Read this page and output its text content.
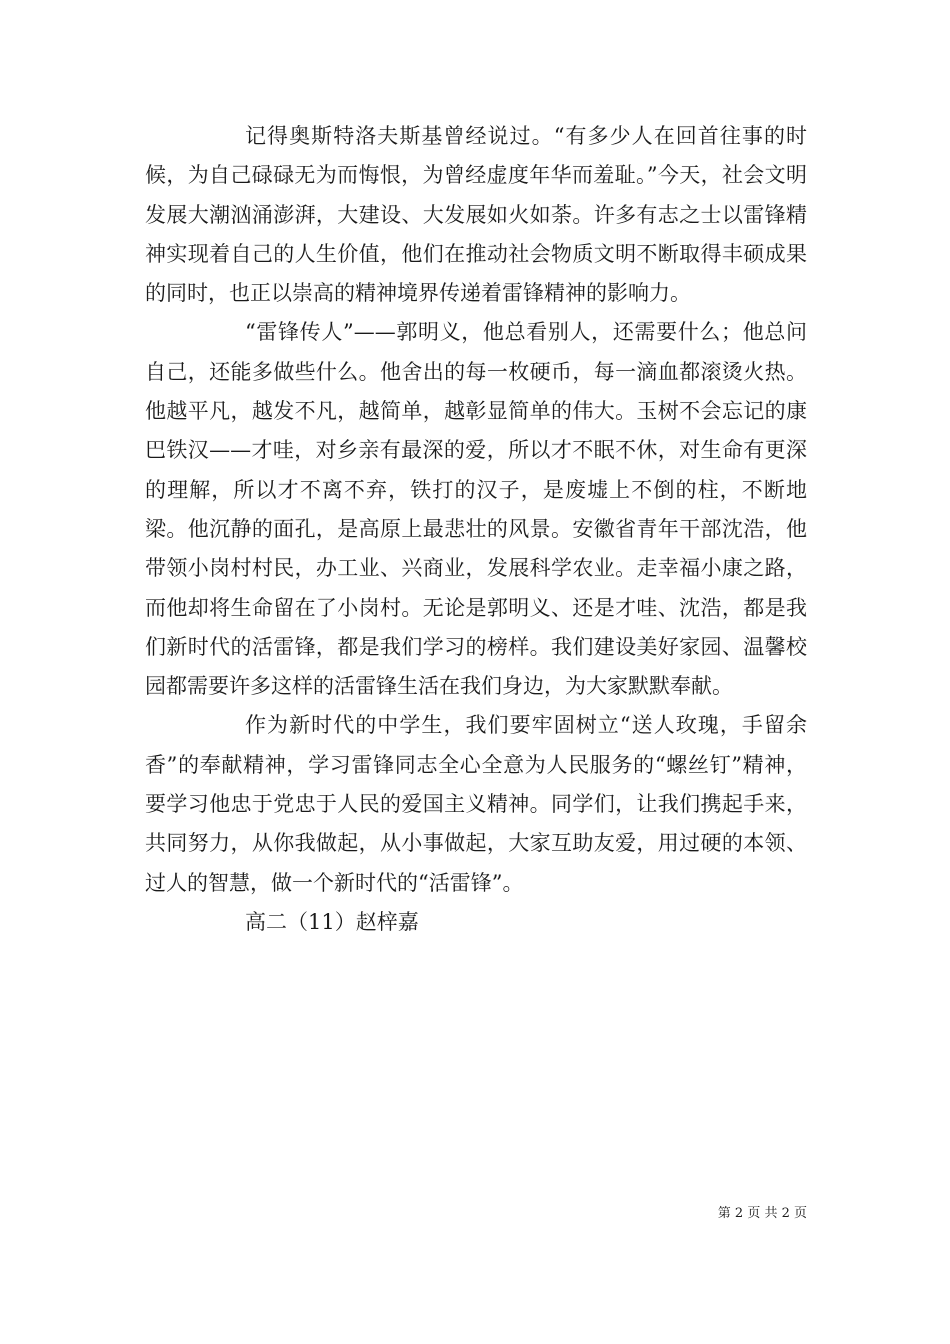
记得奥斯特洛夫斯基曾经说过。“有多少人在回首往事的时候，为自己碌碌无为而悔恨，为曾经虚度年华而羞耻。”今天，社会文明发展大潮汹涌澎湃，大建设、大发展如火如荼。许多有志之士以雷锋精神实现着自己的人生价值，他们在推动社会物质文明不断取得丰硕成果的同时，也正以崇高的精神境界传递着雷锋精神的影响力。

“雷锋传人”——郭明义，他总看别人，还需要什么；他总问自己，还能多做些什么。他舍出的每一枚硬币，每一滴血都滚烫火热。他越平凡，越发不凡，越简单，越彰显简单的伟大。玉树不会忘记的康巴铁汉——才哇，对乡亲有最深的爱，所以才不眠不休，对生命有更深的理解，所以才不离不弃，铁打的汉子，是废墟上不倒的柱，不断地梁。他沉静的面孔，是高原上最悲壮的风景。安徽省青年干部沈浩，他带领小岗村村民，办工业、兴商业，发展科学农业。走幸福小康之路，而他却将生命留在了小岗村。无论是郭明义、还是才哇、沈浩，都是我们新时代的活雷锋，都是我们学习的榜样。我们建设美好家园、温馨校园都需要许多这样的活雷锋生活在我们身边，为大家默默奉献。

作为新时代的中学生，我们要牢固树立“送人玫瑰，手留余香”的奉献精神，学习雷锋同志全心全意为人民服务的“螺丝钉”精神，要学习他忠于党忠于人民的爱国主义精神。同学们，让我们携起手来，共同努力，从你我做起，从小事做起，大家互助友爱，用过硬的本领、过人的智慧，做一个新时代的“活雷锋”。

高二（11）赵梓嘉

第 2 页 共 2 页
